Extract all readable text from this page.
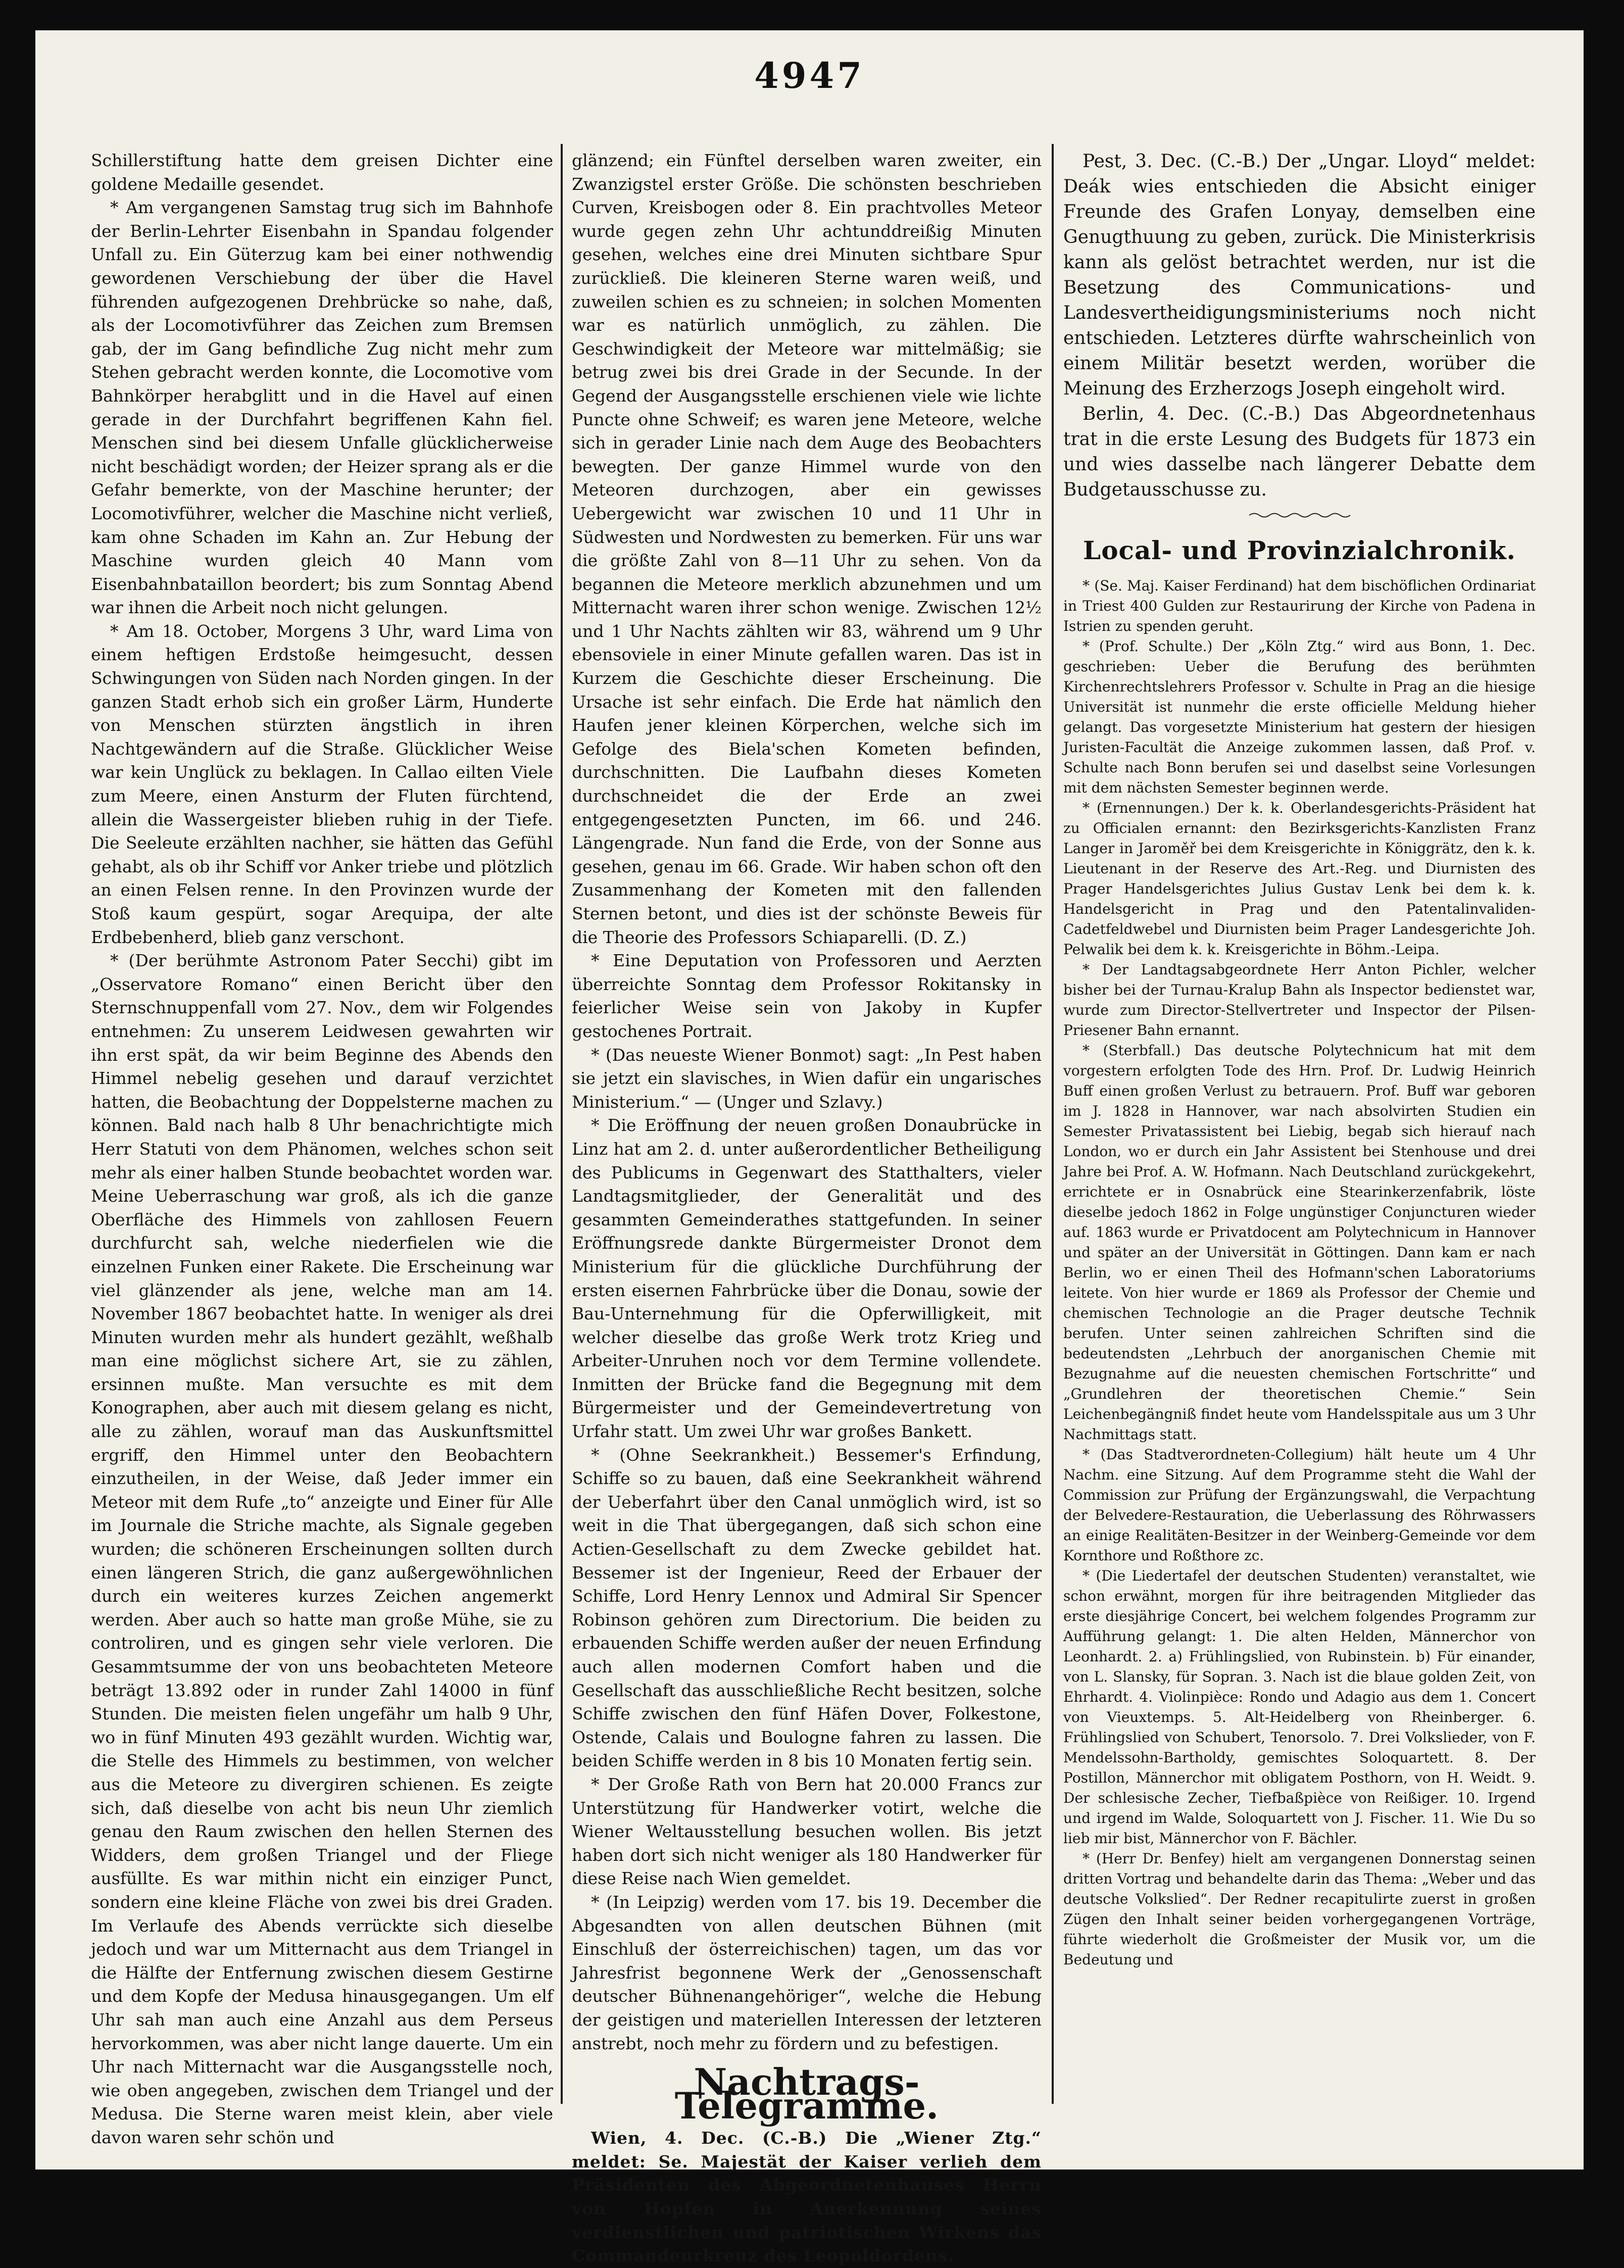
4947

Schillerstiftung hatte dem greisen Dichter eine goldene Medaille gesendet.

* Am vergangenen Samstag trug sich im Bahnhofe der Berlin-Lehrter Eisenbahn in Spandau folgender Unfall zu. Ein Güterzug kam bei einer nothwendig gewordenen Verschiebung der über die Havel führenden aufgezogenen Drehbrücke so nahe, daß, als der Locomotivführer das Zeichen zum Bremsen gab, der im Gang befindliche Zug nicht mehr zum Stehen gebracht werden konnte, die Locomotive vom Bahnkörper herabglitt und in die Havel auf einen gerade in der Durchfahrt begriffenen Kahn fiel. Menschen sind bei diesem Unfalle glücklicherweise nicht beschädigt worden; der Heizer sprang als er die Gefahr bemerkte, von der Maschine herunter; der Locomotivführer, welcher die Maschine nicht verließ, kam ohne Schaden im Kahn an. Zur Hebung der Maschine wurden gleich 40 Mann vom Eisenbahnbataillon beordert; bis zum Sonntag Abend war ihnen die Arbeit noch nicht gelungen.

* Am 18. October, Morgens 3 Uhr, ward Lima von einem heftigen Erdstoße heimgesucht, dessen Schwingungen von Süden nach Norden gingen. In der ganzen Stadt erhob sich ein großer Lärm, Hunderte von Menschen stürzten ängstlich in ihren Nachtgewändern auf die Straße. Glücklicher Weise war kein Unglück zu beklagen. In Callao eilten Viele zum Meere, einen Ansturm der Fluten fürchtend, allein die Wassergeister blieben ruhig in der Tiefe. Die Seeleute erzählten nachher, sie hätten das Gefühl gehabt, als ob ihr Schiff vor Anker triebe und plötzlich an einen Felsen renne. In den Provinzen wurde der Stoß kaum gespürt, sogar Arequipa, der alte Erdbebenherd, blieb ganz verschont.

* (Der berühmte Astronom Pater Secchi) gibt im „Osservatore Romano“ einen Bericht über den Sternschnuppenfall vom 27. Nov., dem wir Folgendes entnehmen: Zu unserem Leidwesen gewahrten wir ihn erst spät, da wir beim Beginne des Abends den Himmel nebelig gesehen und darauf verzichtet hatten, die Beobachtung der Doppelsterne machen zu können. Bald nach halb 8 Uhr benachrichtigte mich Herr Statuti von dem Phänomen, welches schon seit mehr als einer halben Stunde beobachtet worden war. Meine Ueberraschung war groß, als ich die ganze Oberfläche des Himmels von zahllosen Feuern durchfurcht sah, welche niederfielen wie die einzelnen Funken einer Rakete. Die Erscheinung war viel glänzender als jene, welche man am 14. November 1867 beobachtet hatte. In weniger als drei Minuten wurden mehr als hundert gezählt, weßhalb man eine möglichst sichere Art, sie zu zählen, ersinnen mußte. Man versuchte es mit dem Konographen, aber auch mit diesem gelang es nicht, alle zu zählen, worauf man das Auskunftsmittel ergriff, den Himmel unter den Beobachtern einzutheilen, in der Weise, daß Jeder immer ein Meteor mit dem Rufe „to“ anzeigte und Einer für Alle im Journale die Striche machte, als Signale gegeben wurden; die schöneren Erscheinungen sollten durch einen längeren Strich, die ganz außergewöhnlichen durch ein weiteres kurzes Zeichen angemerkt werden. Aber auch so hatte man große Mühe, sie zu controliren, und es gingen sehr viele verloren. Die Gesammtsumme der von uns beobachteten Meteore beträgt 13.892 oder in runder Zahl 14000 in fünf Stunden. Die meisten fielen ungefähr um halb 9 Uhr, wo in fünf Minuten 493 gezählt wurden. Wichtig war, die Stelle des Himmels zu bestimmen, von welcher aus die Meteore zu divergiren schienen. Es zeigte sich, daß dieselbe von acht bis neun Uhr ziemlich genau den Raum zwischen den hellen Sternen des Widders, dem großen Triangel und der Fliege ausfüllte. Es war mithin nicht ein einziger Punct, sondern eine kleine Fläche von zwei bis drei Graden. Im Verlaufe des Abends verrückte sich dieselbe jedoch und war um Mitternacht aus dem Triangel in die Hälfte der Entfernung zwischen diesem Gestirne und dem Kopfe der Medusa hinausgegangen. Um elf Uhr sah man auch eine Anzahl aus dem Perseus hervorkommen, was aber nicht lange dauerte. Um ein Uhr nach Mitternacht war die Ausgangsstelle noch, wie oben angegeben, zwischen dem Triangel und der Medusa. Die Sterne waren meist klein, aber viele davon waren sehr schön und

glänzend; ein Fünftel derselben waren zweiter, ein Zwanzigstel erster Größe. Die schönsten beschrieben Curven, Kreisbogen oder 8. Ein prachtvolles Meteor wurde gegen zehn Uhr achtunddreißig Minuten gesehen, welches eine drei Minuten sichtbare Spur zurückließ. Die kleineren Sterne waren weiß, und zuweilen schien es zu schneien; in solchen Momenten war es natürlich unmöglich, zu zählen. Die Geschwindigkeit der Meteore war mittelmäßig; sie betrug zwei bis drei Grade in der Secunde. In der Gegend der Ausgangsstelle erschienen viele wie lichte Puncte ohne Schweif; es waren jene Meteore, welche sich in gerader Linie nach dem Auge des Beobachters bewegten. Der ganze Himmel wurde von den Meteoren durchzogen, aber ein gewisses Uebergewicht war zwischen 10 und 11 Uhr in Südwesten und Nordwesten zu bemerken. Für uns war die größte Zahl von 8—11 Uhr zu sehen. Von da begannen die Meteore merklich abzunehmen und um Mitternacht waren ihrer schon wenige. Zwischen 12½ und 1 Uhr Nachts zählten wir 83, während um 9 Uhr ebensoviele in einer Minute gefallen waren. Das ist in Kurzem die Geschichte dieser Erscheinung. Die Ursache ist sehr einfach. Die Erde hat nämlich den Haufen jener kleinen Körperchen, welche sich im Gefolge des Biela'schen Kometen befinden, durchschnitten. Die Laufbahn dieses Kometen durchschneidet die der Erde an zwei entgegengesetzten Puncten, im 66. und 246. Längengrade. Nun fand die Erde, von der Sonne aus gesehen, genau im 66. Grade. Wir haben schon oft den Zusammenhang der Kometen mit den fallenden Sternen betont, und dies ist der schönste Beweis für die Theorie des Professors Schiaparelli. (D. Z.)

* Eine Deputation von Professoren und Aerzten überreichte Sonntag dem Professor Rokitansky in feierlicher Weise sein von Jakoby in Kupfer gestochenes Portrait.

* (Das neueste Wiener Bonmot) sagt: „In Pest haben sie jetzt ein slavisches, in Wien dafür ein ungarisches Ministerium.“ — (Unger und Szlavy.)

* Die Eröffnung der neuen großen Donaubrücke in Linz hat am 2. d. unter außerordentlicher Betheiligung des Publicums in Gegenwart des Statthalters, vieler Landtagsmitglieder, der Generalität und des gesammten Gemeinderathes stattgefunden. In seiner Eröffnungsrede dankte Bürgermeister Dronot dem Ministerium für die glückliche Durchführung der ersten eisernen Fahrbrücke über die Donau, sowie der Bau-Unternehmung für die Opferwilligkeit, mit welcher dieselbe das große Werk trotz Krieg und Arbeiter-Unruhen noch vor dem Termine vollendete. Inmitten der Brücke fand die Begegnung mit dem Bürgermeister und der Gemeindevertretung von Urfahr statt. Um zwei Uhr war großes Bankett.

* (Ohne Seekrankheit.) Bessemer's Erfindung, Schiffe so zu bauen, daß eine Seekrankheit während der Ueberfahrt über den Canal unmöglich wird, ist so weit in die That übergegangen, daß sich schon eine Actien-Gesellschaft zu dem Zwecke gebildet hat. Bessemer ist der Ingenieur, Reed der Erbauer der Schiffe, Lord Henry Lennox und Admiral Sir Spencer Robinson gehören zum Directorium. Die beiden zu erbauenden Schiffe werden außer der neuen Erfindung auch allen modernen Comfort haben und die Gesellschaft das ausschließliche Recht besitzen, solche Schiffe zwischen den fünf Häfen Dover, Folkestone, Ostende, Calais und Boulogne fahren zu lassen. Die beiden Schiffe werden in 8 bis 10 Monaten fertig sein.

* Der Große Rath von Bern hat 20.000 Francs zur Unterstützung für Handwerker votirt, welche die Wiener Weltausstellung besuchen wollen. Bis jetzt haben dort sich nicht weniger als 180 Handwerker für diese Reise nach Wien gemeldet.

* (In Leipzig) werden vom 17. bis 19. December die Abgesandten von allen deutschen Bühnen (mit Einschluß der österreichischen) tagen, um das vor Jahresfrist begonnene Werk der „Genossenschaft deutscher Bühnenangehöriger“, welche die Hebung der geistigen und materiellen Interessen der letzteren anstrebt, noch mehr zu fördern und zu befestigen.

Nachtrags-Telegramme.

Wien, 4. Dec. (C.-B.) Die „Wiener Ztg.“ meldet: Se. Majestät der Kaiser verlieh dem Präsidenten des Abgeordnetenhauses Herrn von Hopfen in Anerkennung seines verdienstlichen und patriotischen Wirkens das Commandeurkreuz des Leopoldordens.

Pest, 3. Dec. (C.-B.) Der „Ungar. Lloyd“ meldet: Deák wies entschieden die Absicht einiger Freunde des Grafen Lonyay, demselben eine Genugthuung zu geben, zurück. Die Ministerkrisis kann als gelöst betrachtet werden, nur ist die Besetzung des Communications- und Landesvertheidigungsministeriums noch nicht entschieden. Letzteres dürfte wahrscheinlich von einem Militär besetzt werden, worüber die Meinung des Erzherzogs Joseph eingeholt wird.

Berlin, 4. Dec. (C.-B.) Das Abgeordnetenhaus trat in die erste Lesung des Budgets für 1873 ein und wies dasselbe nach längerer Debatte dem Budgetausschusse zu.

Local- und Provinzialchronik.

* (Se. Maj. Kaiser Ferdinand) hat dem bischöflichen Ordinariat in Triest 400 Gulden zur Restaurirung der Kirche von Padena in Istrien zu spenden geruht.

* (Prof. Schulte.) Der „Köln Ztg.“ wird aus Bonn, 1. Dec. geschrieben: Ueber die Berufung des berühmten Kirchenrechtslehrers Professor v. Schulte in Prag an die hiesige Universität ist nunmehr die erste officielle Meldung hieher gelangt. Das vorgesetzte Ministerium hat gestern der hiesigen Juristen-Facultät die Anzeige zukommen lassen, daß Prof. v. Schulte nach Bonn berufen sei und daselbst seine Vorlesungen mit dem nächsten Semester beginnen werde.

* (Ernennungen.) Der k. k. Oberlandesgerichts-Präsident hat zu Officialen ernannt: den Bezirksgerichts-Kanzlisten Franz Langer in Jaroměř bei dem Kreisgerichte in Königgrätz, den k. k. Lieutenant in der Reserve des Art.-Reg. und Diurnisten des Prager Handelsgerichtes Julius Gustav Lenk bei dem k. k. Handelsgericht in Prag und den Patentalinvaliden-Cadetfeldwebel und Diurnisten beim Prager Landesgerichte Joh. Pelwalik bei dem k. k. Kreisgerichte in Böhm.-Leipa.

* Der Landtagsabgeordnete Herr Anton Pichler, welcher bisher bei der Turnau-Kralup Bahn als Inspector bedienstet war, wurde zum Director-Stellvertreter und Inspector der Pilsen-Priesener Bahn ernannt.

* (Sterbfall.) Das deutsche Polytechnicum hat mit dem vorgestern erfolgten Tode des Hrn. Prof. Dr. Ludwig Heinrich Buff einen großen Verlust zu betrauern. Prof. Buff war geboren im J. 1828 in Hannover, war nach absolvirten Studien ein Semester Privatassistent bei Liebig, begab sich hierauf nach London, wo er durch ein Jahr Assistent bei Stenhouse und drei Jahre bei Prof. A. W. Hofmann. Nach Deutschland zurückgekehrt, errichtete er in Osnabrück eine Stearinkerzenfabrik, löste dieselbe jedoch 1862 in Folge ungünstiger Conjuncturen wieder auf. 1863 wurde er Privatdocent am Polytechnicum in Hannover und später an der Universität in Göttingen. Dann kam er nach Berlin, wo er einen Theil des Hofmann'schen Laboratoriums leitete. Von hier wurde er 1869 als Professor der Chemie und chemischen Technologie an die Prager deutsche Technik berufen. Unter seinen zahlreichen Schriften sind die bedeutendsten „Lehrbuch der anorganischen Chemie mit Bezugnahme auf die neuesten chemischen Fortschritte“ und „Grundlehren der theoretischen Chemie.“ Sein Leichenbegängniß findet heute vom Handelsspitale aus um 3 Uhr Nachmittags statt.

* (Das Stadtverordneten-Collegium) hält heute um 4 Uhr Nachm. eine Sitzung. Auf dem Programme steht die Wahl der Commission zur Prüfung der Ergänzungswahl, die Verpachtung der Belvedere-Restauration, die Ueberlassung des Röhrwassers an einige Realitäten-Besitzer in der Weinberg-Gemeinde vor dem Kornthore und Roßthore zc.

* (Die Liedertafel der deutschen Studenten) veranstaltet, wie schon erwähnt, morgen für ihre beitragenden Mitglieder das erste diesjährige Concert, bei welchem folgendes Programm zur Aufführung gelangt: 1. Die alten Helden, Männerchor von Leonhardt. 2. a) Frühlingslied, von Rubinstein. b) Für einander, von L. Slansky, für Sopran. 3. Nach ist die blaue golden Zeit, von Ehrhardt. 4. Violinpièce: Rondo und Adagio aus dem 1. Concert von Vieuxtemps. 5. Alt-Heidelberg von Rheinberger. 6. Frühlingslied von Schubert, Tenorsolo. 7. Drei Volkslieder, von F. Mendelssohn-Bartholdy, gemischtes Soloquartett. 8. Der Postillon, Männerchor mit obligatem Posthorn, von H. Weidt. 9. Der schlesische Zecher, Tiefbaßpièce von Reißiger. 10. Irgend und irgend im Walde, Soloquartett von J. Fischer. 11. Wie Du so lieb mir bist, Männerchor von F. Bächler.

* (Herr Dr. Benfey) hielt am vergangenen Donnerstag seinen dritten Vortrag und behandelte darin das Thema: „Weber und das deutsche Volkslied“. Der Redner recapitulirte zuerst in großen Zügen den Inhalt seiner beiden vorhergegangenen Vorträge, führte wiederholt die Großmeister der Musik vor, um die Bedeutung und
